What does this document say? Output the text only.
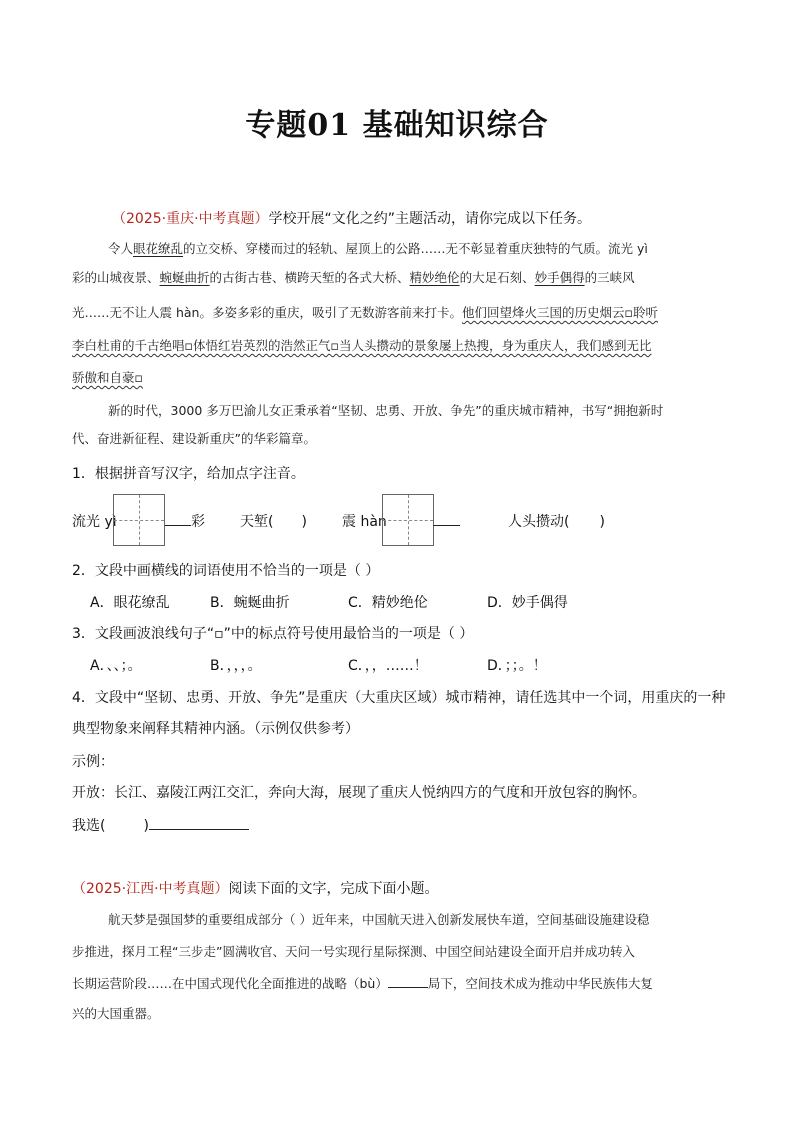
专题01 基础知识综合
（2025·重庆·中考真题）学校开展“文化之约”主题活动，请你完成以下任务。
令人眼花缭乱的立交桥、穿楼而过的轻轨、屋顶上的公路……无不彰显着重庆独特的气质。流光 yì
彩的山城夜景、蜿蜒曲折的古街古巷、横跨天堑的各式大桥、精妙绝伦的大足石刻、妙手偶得的三峡风
光……无不让人震 hàn。多姿多彩的重庆，吸引了无数游客前来打卡。他们回望烽火三国的历史烟云▫聆听
李白杜甫的千古绝唱▫体悟红岩英烈的浩然正气▫当人头攒动的景象屡上热搜，身为重庆人，我们感到无比
骄傲和自豪▫
新的时代，3000 多万巴渝儿女正秉承着“坚韧、忠勇、开放、争先”的重庆城市精神，书写“拥抱新时
代、奋进新征程、建设新重庆”的华彩篇章。
1．根据拼音写汉字，给加点字注音。
流光 yì	彩	天堑( )	震 hàn	人头攒动( )
2．文段中画横线的词语使用不恰当的一项是（ ）
A．眼花缭乱	B．蜿蜒曲折	C．精妙绝伦	D．妙手偶得
3．文段画波浪线句子“▫”中的标点符号使用最恰当的一项是（ ）
A．、、；。	B．，，，。	C．，，……！	D．；；。！
4．文段中“坚韧、忠勇、开放、争先”是重庆（大重庆区域）城市精神，请任选其中一个词，用重庆的一种
典型物象来阐释其精神内涵。（示例仅供参考）
示例：
开放：长江、嘉陵江两江交汇，奔向大海，展现了重庆人悦纳四方的气度和开放包容的胸怀。
我选(	)
（2025·江西·中考真题）阅读下面的文字，完成下面小题。
航天梦是强国梦的重要组成部分（ ）近年来，中国航天进入创新发展快车道，空间基础设施建设稳
步推进，探月工程“三步走”圆满收官、天问一号实现行星际探测、中国空间站建设全面开启并成功转入
长期运营阶段……在中国式现代化全面推进的战略（bù）	局下，空间技术成为推动中华民族伟大复
兴的大国重器。
